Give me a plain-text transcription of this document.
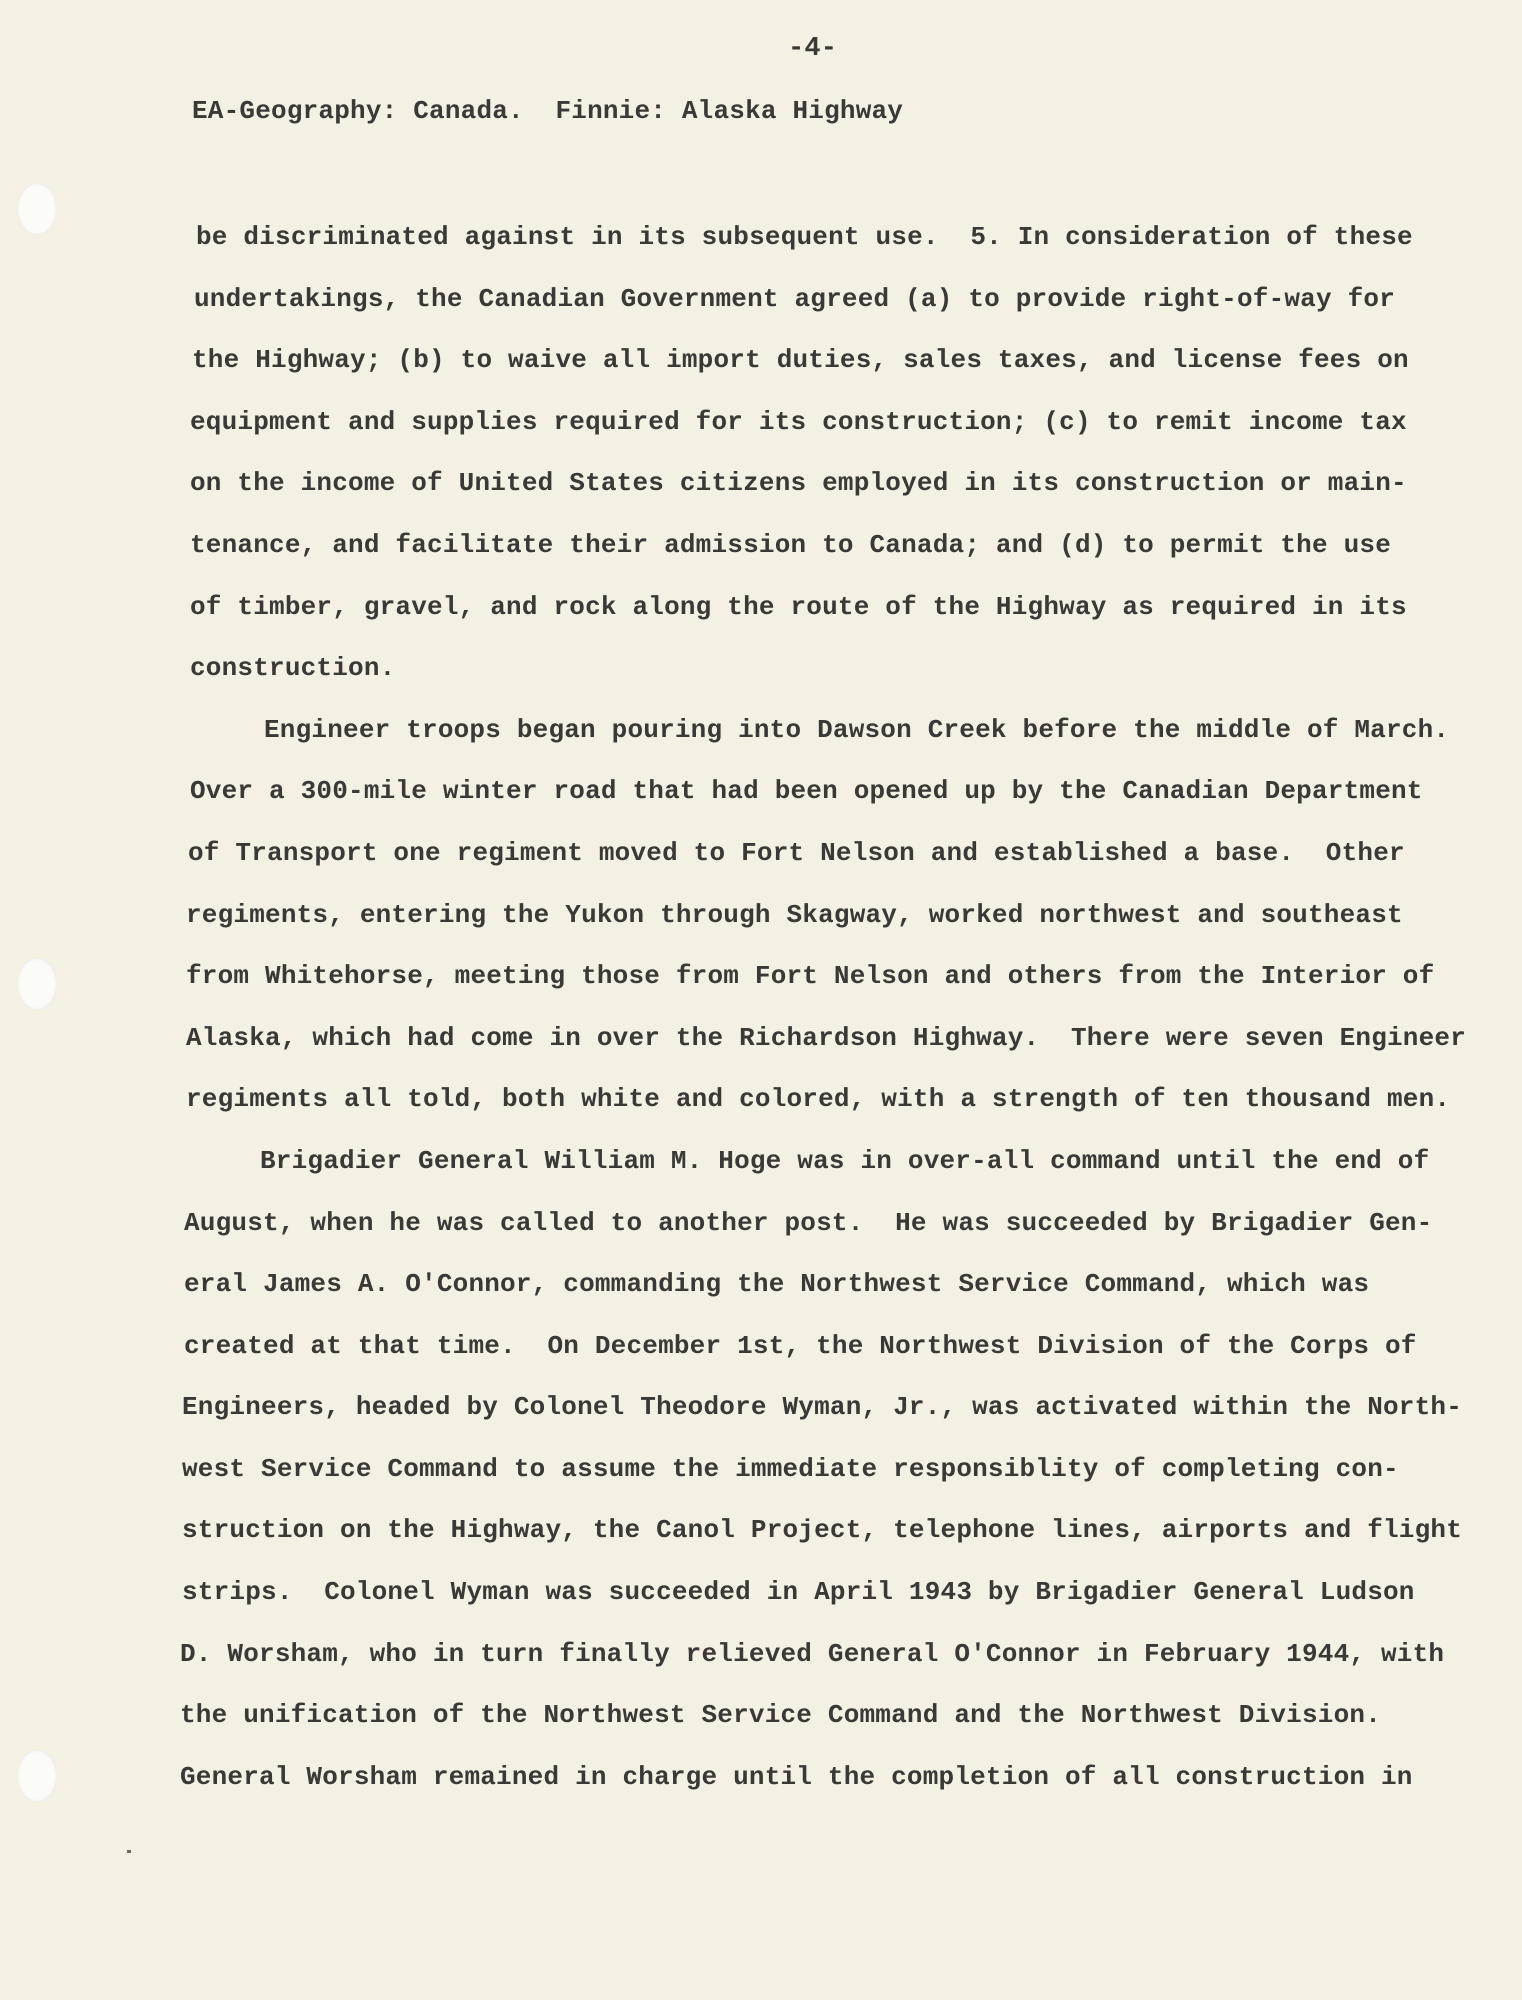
-4-
EA-Geography: Canada.  Finnie: Alaska Highway
be discriminated against in its subsequent use.  5. In consideration of these
undertakings, the Canadian Government agreed (a) to provide right-of-way for
the Highway; (b) to waive all import duties, sales taxes, and license fees on
equipment and supplies required for its construction; (c) to remit income tax
on the income of United States citizens employed in its construction or main-
tenance, and facilitate their admission to Canada; and (d) to permit the use
of timber, gravel, and rock along the route of the Highway as required in its
construction.
Engineer troops began pouring into Dawson Creek before the middle of March.
Over a 300-mile winter road that had been opened up by the Canadian Department
of Transport one regiment moved to Fort Nelson and established a base.  Other
regiments, entering the Yukon through Skagway, worked northwest and southeast
from Whitehorse, meeting those from Fort Nelson and others from the Interior of
Alaska, which had come in over the Richardson Highway.  There were seven Engineer
regiments all told, both white and colored, with a strength of ten thousand men.
Brigadier General William M. Hoge was in over-all command until the end of
August, when he was called to another post.  He was succeeded by Brigadier Gen-
eral James A. O'Connor, commanding the Northwest Service Command, which was
created at that time.  On December 1st, the Northwest Division of the Corps of
Engineers, headed by Colonel Theodore Wyman, Jr., was activated within the North-
west Service Command to assume the immediate responsiblity of completing con-
struction on the Highway, the Canol Project, telephone lines, airports and flight
strips.  Colonel Wyman was succeeded in April 1943 by Brigadier General Ludson
D. Worsham, who in turn finally relieved General O'Connor in February 1944, with
the unification of the Northwest Service Command and the Northwest Division.
General Worsham remained in charge until the completion of all construction in
